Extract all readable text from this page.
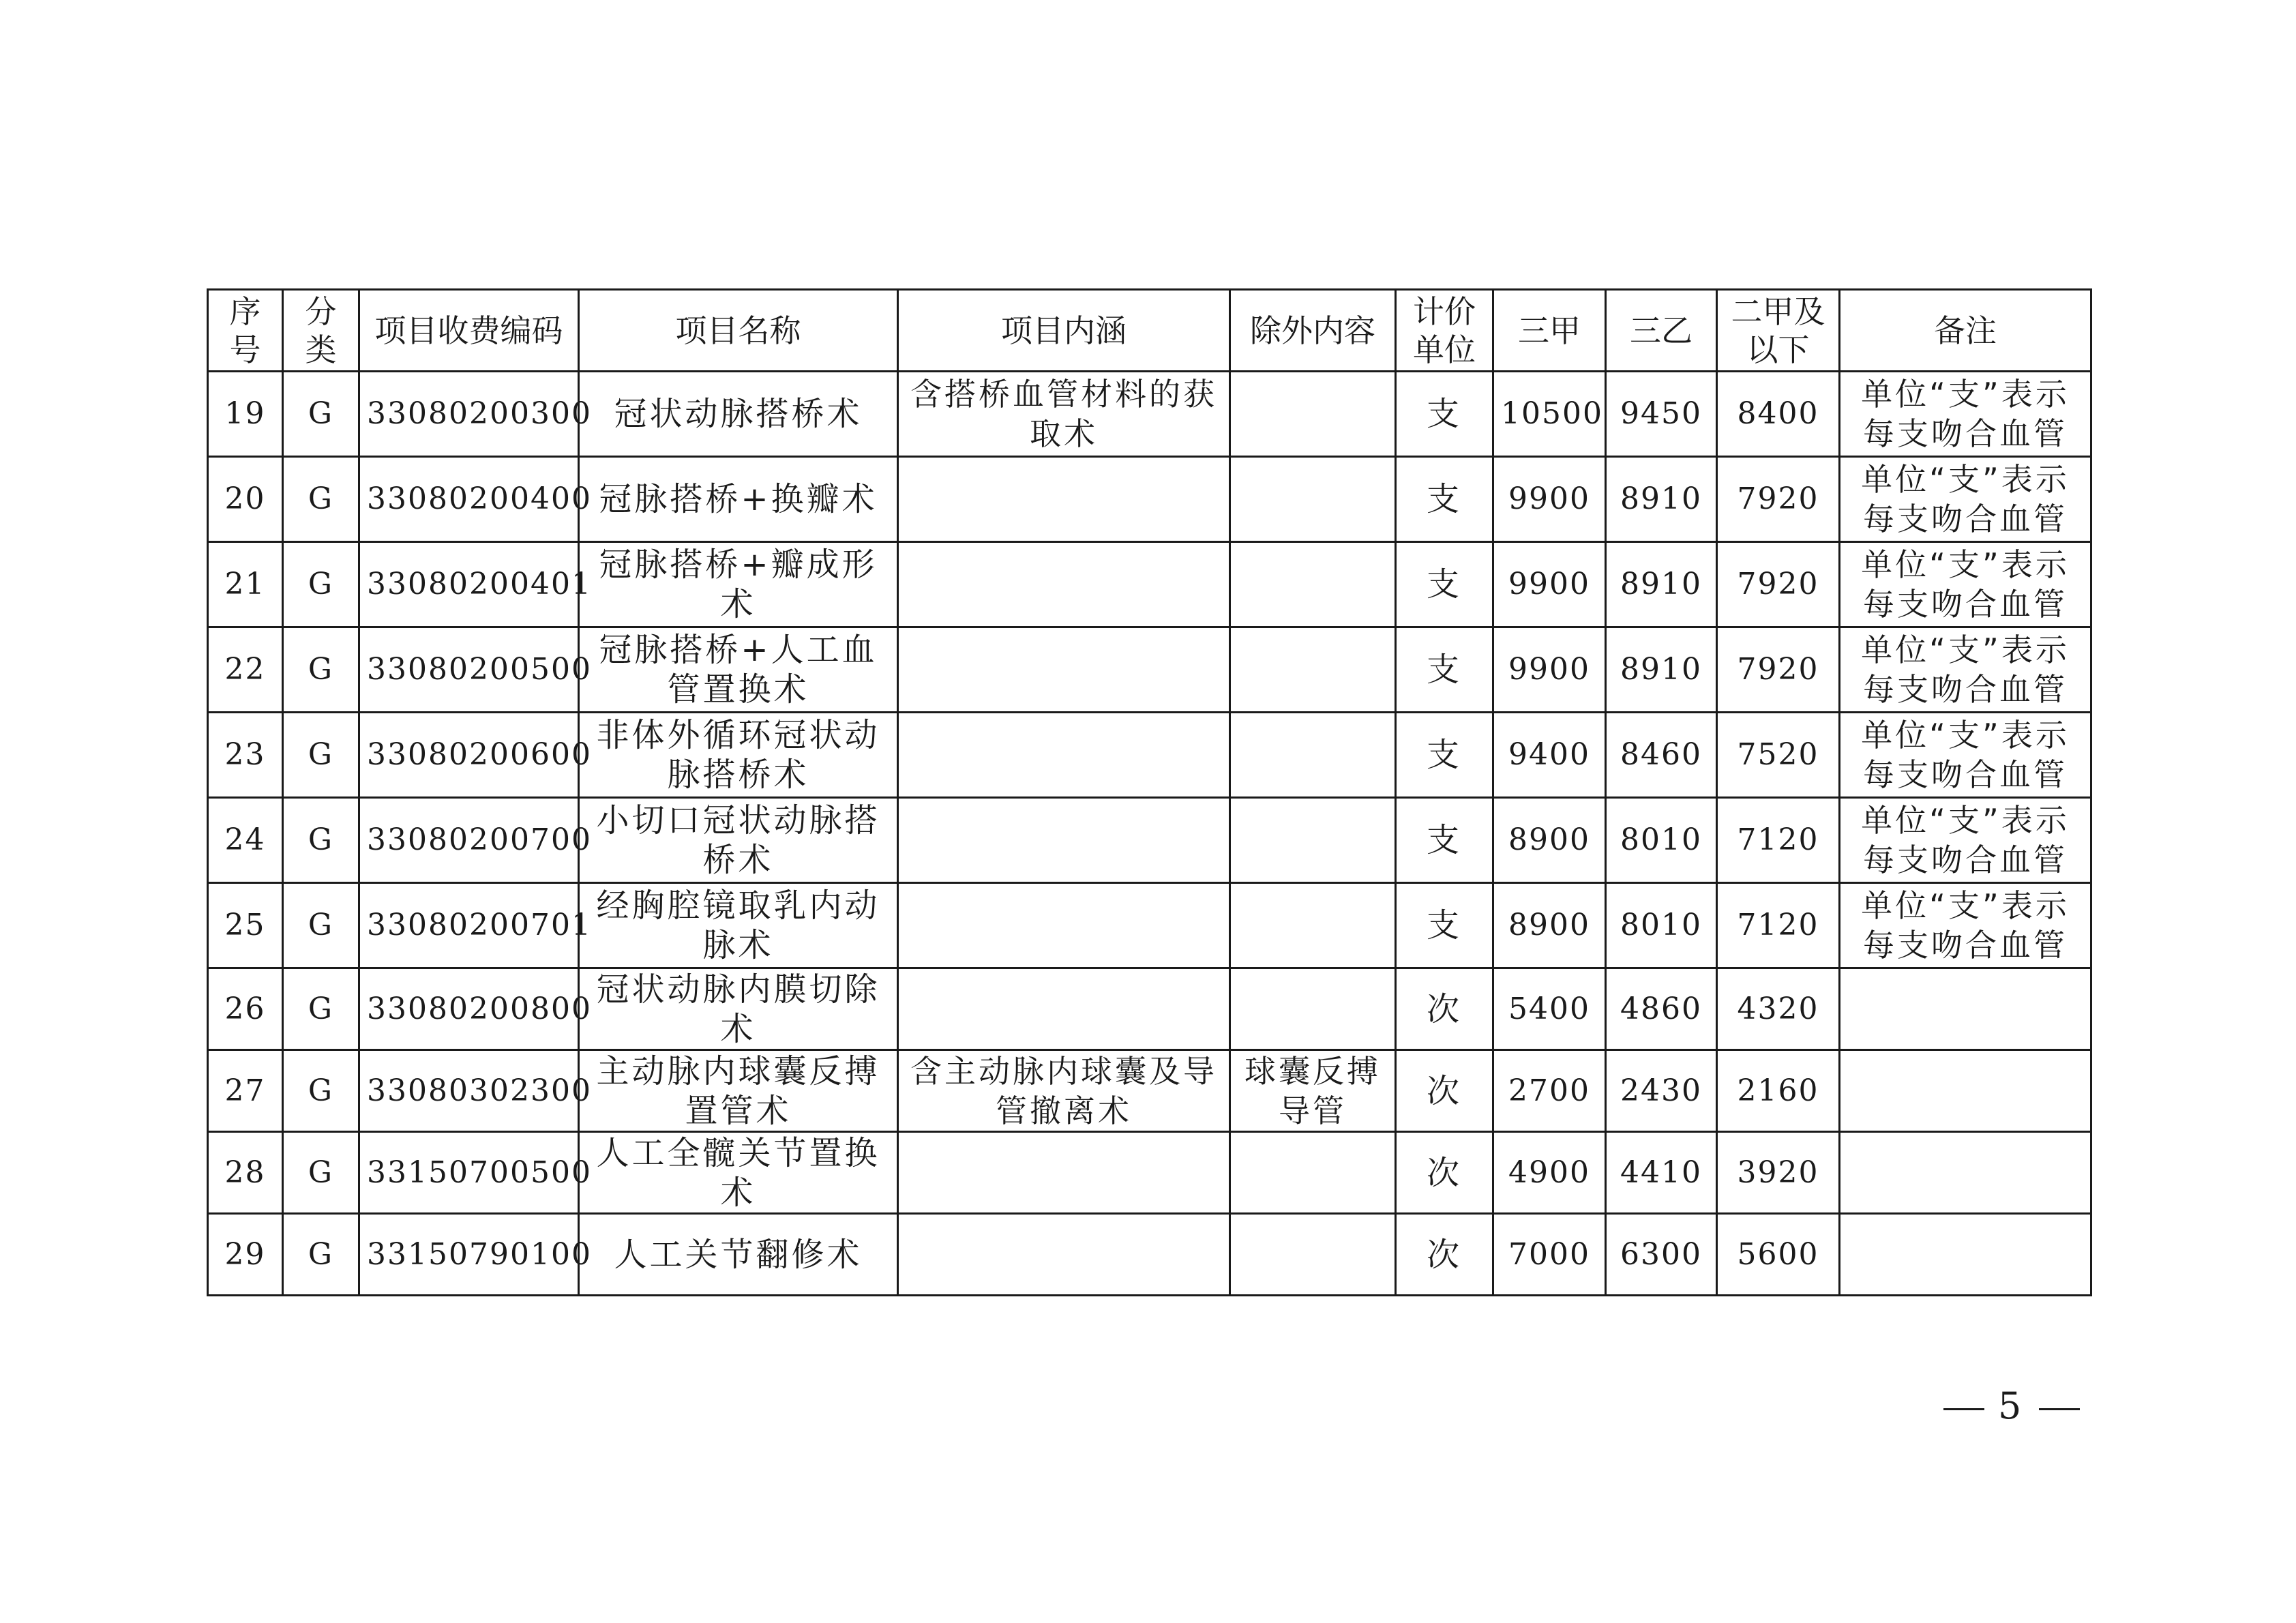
序号	分类	项目收费编码	项目名称	项目内涵	除外内容	计价单位	三甲	三乙	二甲及以下	备注
19	G	33080200300	冠状动脉搭桥术	含搭桥血管材料的获取术		支	10500	9450	8400	单位“支”表示每支吻合血管
20	G	33080200400	冠脉搭桥+换瓣术			支	9900	8910	7920	单位“支”表示每支吻合血管
21	G	33080200401	冠脉搭桥+瓣成形术			支	9900	8910	7920	单位“支”表示每支吻合血管
22	G	33080200500	冠脉搭桥+人工血管置换术			支	9900	8910	7920	单位“支”表示每支吻合血管
23	G	33080200600	非体外循环冠状动脉搭桥术			支	9400	8460	7520	单位“支”表示每支吻合血管
24	G	33080200700	小切口冠状动脉搭桥术			支	8900	8010	7120	单位“支”表示每支吻合血管
25	G	33080200701	经胸腔镜取乳内动脉术			支	8900	8010	7120	单位“支”表示每支吻合血管
26	G	33080200800	冠状动脉内膜切除术			次	5400	4860	4320	
27	G	33080302300	主动脉内球囊反搏置管术	含主动脉内球囊及导管撤离术	球囊反搏导管	次	2700	2430	2160	
28	G	33150700500	人工全髋关节置换术			次	4900	4410	3920	
29	G	33150790100	人工关节翻修术			次	7000	6300	5600	
5
